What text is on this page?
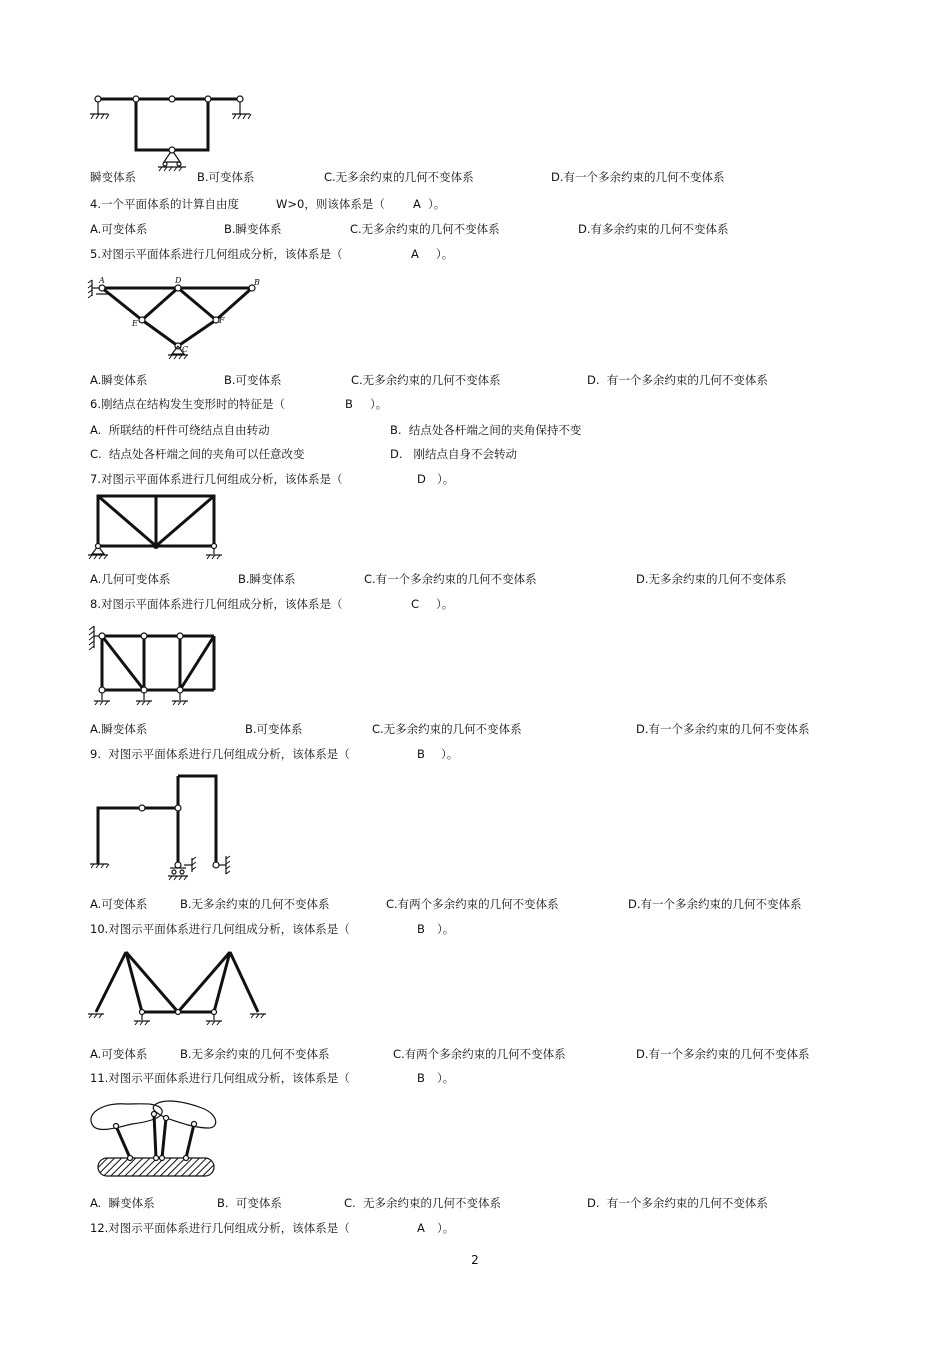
瞬变体系	B.可变体系	C.无多余约束的几何不变体系	D.有一个多余约束的几何不变体系
4.一个平面体系的计算自由度	W>0，则该体系是（ A ）。
A.可变体系	B.瞬变体系	C.无多余约束的几何不变体系	D.有多余约束的几何不变体系
5.对图示平面体系进行几何组成分析，该体系是（	A ）。
A	D	B
E	F
C
A.瞬变体系	B.可变体系	C.无多余约束的几何不变体系	D.  有一个多余约束的几何不变体系
6.刚结点在结构发生变形时的特征是（	B ）。
A.  所联结的杆件可绕结点自由转动	B.  结点处各杆端之间的夹角保持不变
C.  结点处各杆端之间的夹角可以任意改变	D.   刚结点自身不会转动
7.对图示平面体系进行几何组成分析，该体系是（	D ）。
A.几何可变体系	B.瞬变体系	C.有一个多余约束的几何不变体系	D.无多余约束的几何不变体系
8.对图示平面体系进行几何组成分析，该体系是（	C ）。
A.瞬变体系	B.可变体系	C.无多余约束的几何不变体系	D.有一个多余约束的几何不变体系
9.  对图示平面体系进行几何组成分析，该体系是（	B ）。
A.可变体系	B.无多余约束的几何不变体系	C.有两个多余约束的几何不变体系	D.有一个多余约束的几何不变体系
10.对图示平面体系进行几何组成分析，该体系是（	B ）。
A.可变体系	B.无多余约束的几何不变体系	C.有两个多余约束的几何不变体系	D.有一个多余约束的几何不变体系
11.对图示平面体系进行几何组成分析，该体系是（	B ）。
A.  瞬变体系	B.  可变体系	C.  无多余约束的几何不变体系	D.  有一个多余约束的几何不变体系
12.对图示平面体系进行几何组成分析，该体系是（	A ）。
2
